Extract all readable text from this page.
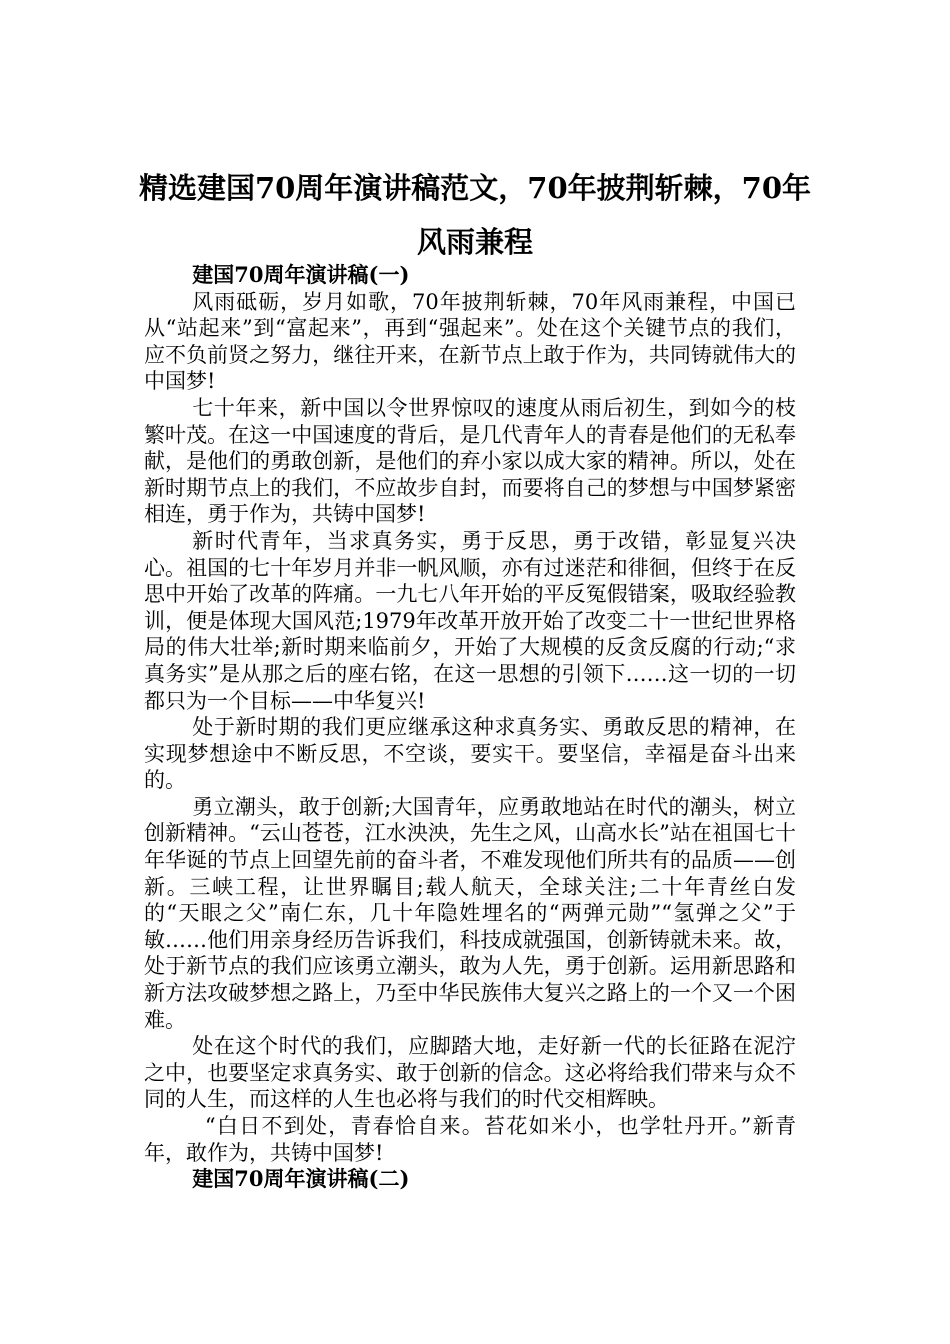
精选建国70周年演讲稿范文，70年披荆斩棘，70年风雨兼程

建国70周年演讲稿(一)

风雨砥砺，岁月如歌，70年披荆斩棘，70年风雨兼程，中国已从“站起来”到“富起来”，再到“强起来”。处在这个关键节点的我们，应不负前贤之努力，继往开来，在新节点上敢于作为，共同铸就伟大的中国梦!

七十年来，新中国以令世界惊叹的速度从雨后初生，到如今的枝繁叶茂。在这一中国速度的背后，是几代青年人的青春是他们的无私奉献，是他们的勇敢创新，是他们的弃小家以成大家的精神。所以，处在新时期节点上的我们，不应故步自封，而要将自己的梦想与中国梦紧密相连，勇于作为，共铸中国梦!

新时代青年，当求真务实，勇于反思，勇于改错，彰显复兴决心。祖国的七十年岁月并非一帆风顺，亦有过迷茫和徘徊，但终于在反思中开始了改革的阵痛。一九七八年开始的平反冤假错案，吸取经验教训，便是体现大国风范;1979年改革开放开始了改变二十一世纪世界格局的伟大壮举;新时期来临前夕，开始了大规模的反贪反腐的行动;“求真务实”是从那之后的座右铭，在这一思想的引领下……这一切的一切都只为一个目标——中华复兴!

处于新时期的我们更应继承这种求真务实、勇敢反思的精神，在实现梦想途中不断反思，不空谈，要实干。要坚信，幸福是奋斗出来的。

勇立潮头，敢于创新;大国青年，应勇敢地站在时代的潮头，树立创新精神。“云山苍苍，江水泱泱，先生之风，山高水长”站在祖国七十年华诞的节点上回望先前的奋斗者，不难发现他们所共有的品质——创新。三峡工程，让世界瞩目;载人航天，全球关注;二十年青丝白发的“天眼之父”南仁东，几十年隐姓埋名的“两弹元勋”“氢弹之父”于敏……他们用亲身经历告诉我们，科技成就强国，创新铸就未来。故，处于新节点的我们应该勇立潮头，敢为人先，勇于创新。运用新思路和新方法攻破梦想之路上，乃至中华民族伟大复兴之路上的一个又一个困难。

处在这个时代的我们，应脚踏大地，走好新一代的长征路在泥泞之中，也要坚定求真务实、敢于创新的信念。这必将给我们带来与众不同的人生，而这样的人生也必将与我们的时代交相辉映。

“白日不到处，青春恰自来。苔花如米小，也学牡丹开。”新青年，敢作为，共铸中国梦!

建国70周年演讲稿(二)
